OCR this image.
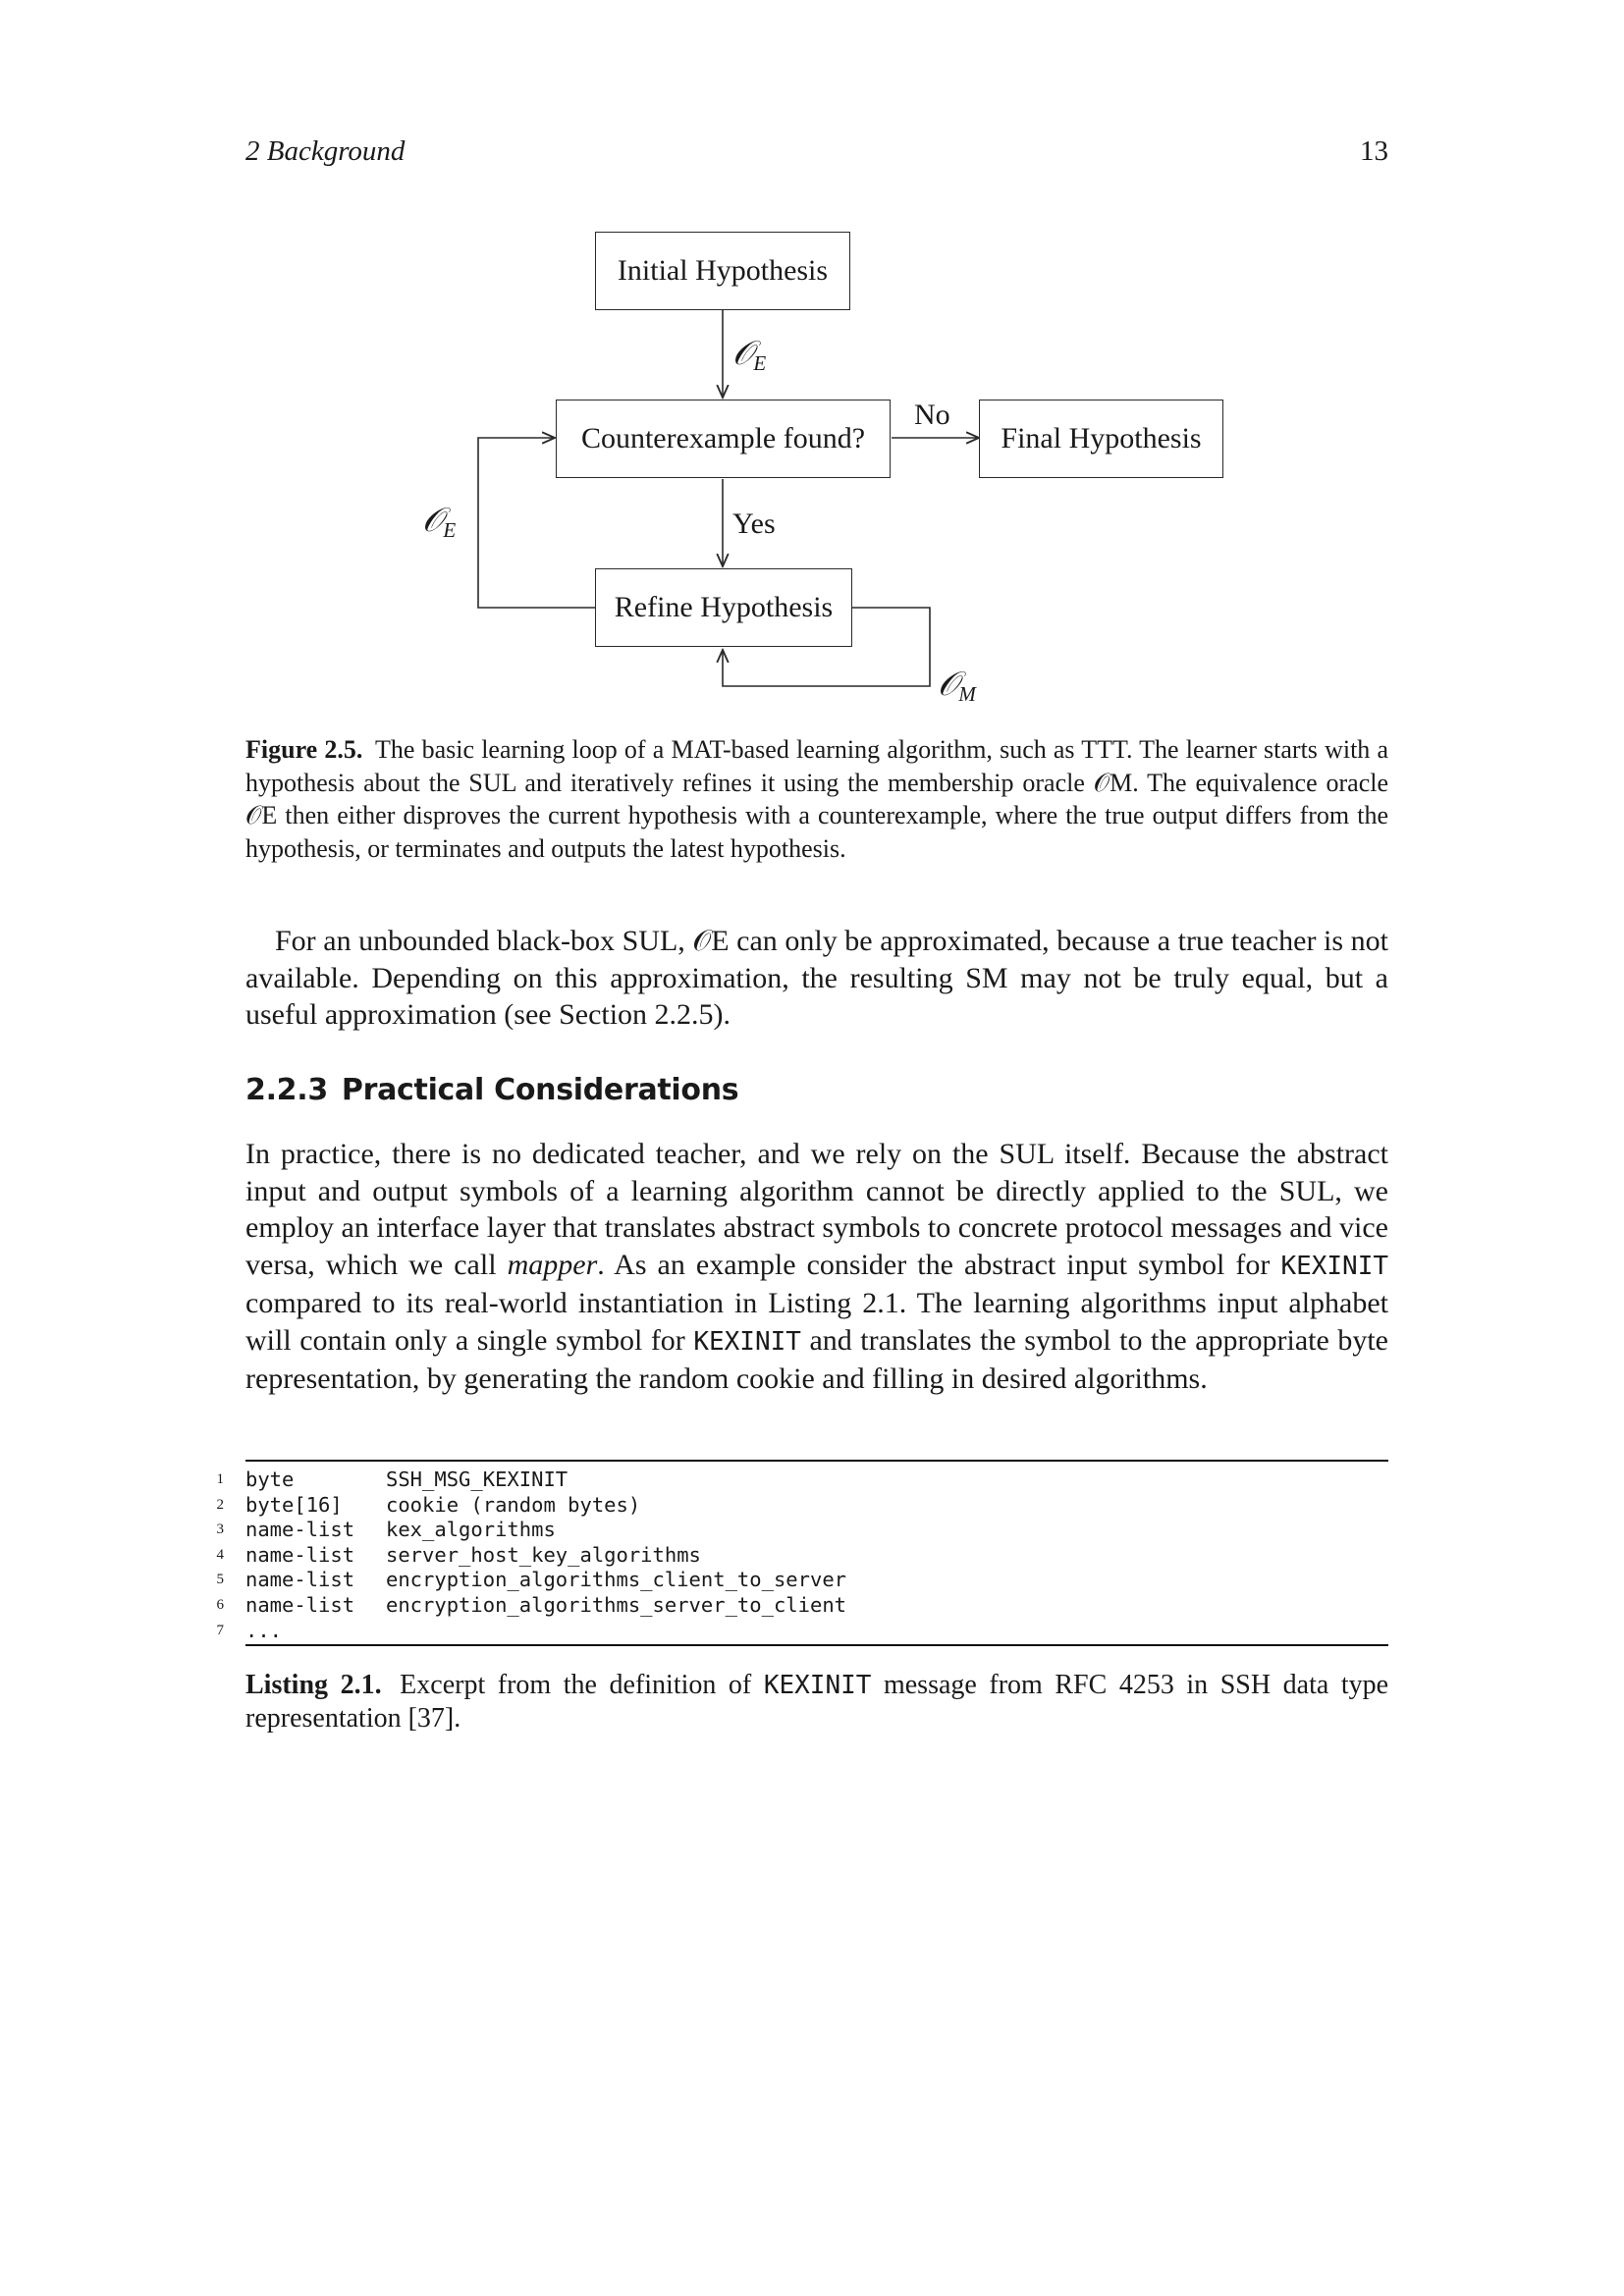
2 Background	13
Initial Hypothesis
Counterexample found?	Final Hypothesis
Refine Hypothesis
𝒪$_E$
No
Yes
𝒪$_E$
𝒪$_M$
Figure 2.5. The basic learning loop of a MAT-based learning algorithm, such as TTT. The learner starts with a hypothesis about the SUL and iteratively refines it using the membership oracle 𝒪M. The equivalence oracle 𝒪E then either disproves the current hypothesis with a counterexample, where the true output differs from the hypothesis, or terminates and outputs the latest hypothesis.
For an unbounded black-box SUL, 𝒪E can only be approximated, because a true teacher is not available. Depending on this approximation, the resulting SM may not be truly equal, but a useful approximation (see Section 2.2.5).
2.2.3 Practical Considerations
In practice, there is no dedicated teacher, and we rely on the SUL itself. Because the abstract input and output symbols of a learning algorithm cannot be directly applied to the SUL, we employ an interface layer that translates abstract symbols to concrete protocol messages and vice versa, which we call mapper. As an example consider the abstract input symbol for KEXINIT compared to its real-world instantiation in Listing 2.1. The learning algorithms input alphabet will contain only a single symbol for KEXINIT and translates the symbol to the appropriate byte representation, by generating the random cookie and filling in desired algorithms.
1 byte	SSH_MSG_KEXINIT
2 byte[16] cookie (random bytes)
3 name-list kex_algorithms
4 name-list server_host_key_algorithms
5 name-list encryption_algorithms_client_to_server
6 name-list encryption_algorithms_server_to_client
7 ...
Listing 2.1. Excerpt from the definition of KEXINIT message from RFC 4253 in SSH data type representation [37].
